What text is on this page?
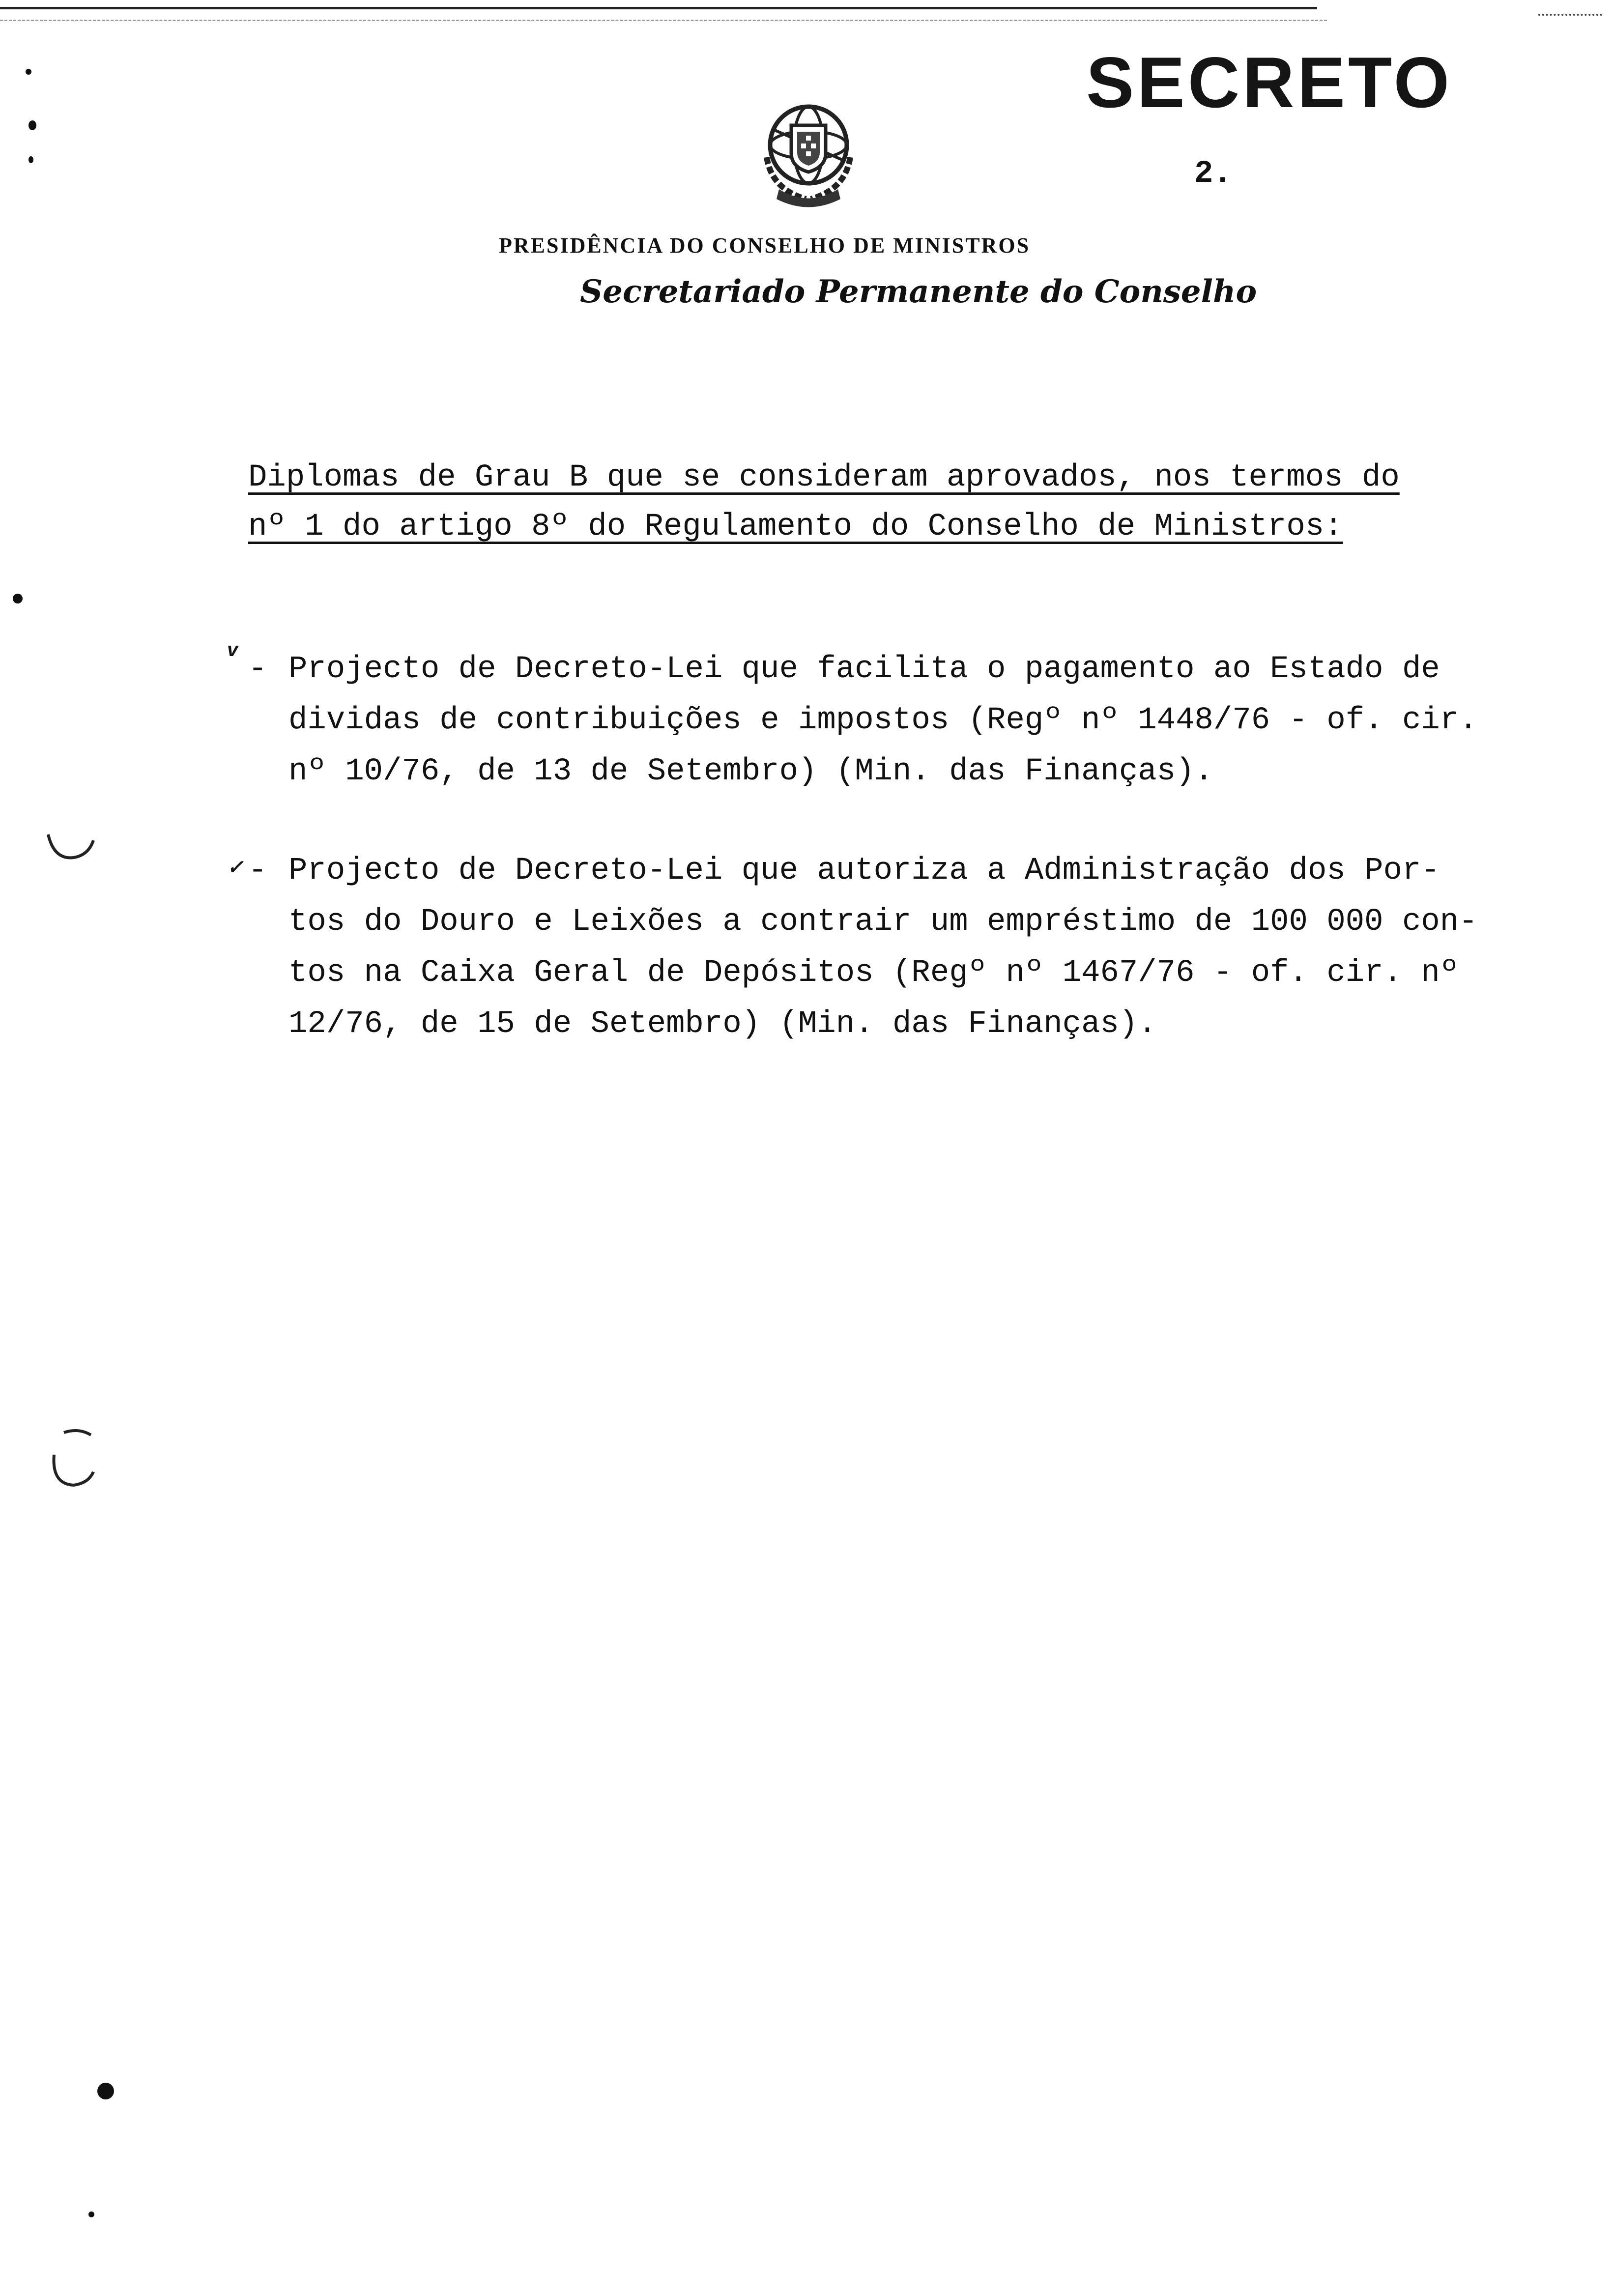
SECRETO
2.
PRESIDÊNCIA DO CONSELHO DE MINISTROS
Secretariado Permanente do Conselho
Diplomas de Grau B que se consideram aprovados, nos termos do
nº 1 do artigo 8º do Regulamento do Conselho de Ministros:
v
- Projecto de Decreto-Lei que facilita o pagamento ao Estado de
dividas de contribuições e impostos (Regº nº 1448/76 - of. cir.
nº 10/76, de 13 de Setembro) (Min. das Finanças).
✓ - Projecto de Decreto-Lei que autoriza a Administração dos Por-
tos do Douro e Leixões a contrair um empréstimo de 100 000 con-
tos na Caixa Geral de Depósitos (Regº nº 1467/76 - of. cir. nº
12/76, de 15 de Setembro) (Min. das Finanças).
